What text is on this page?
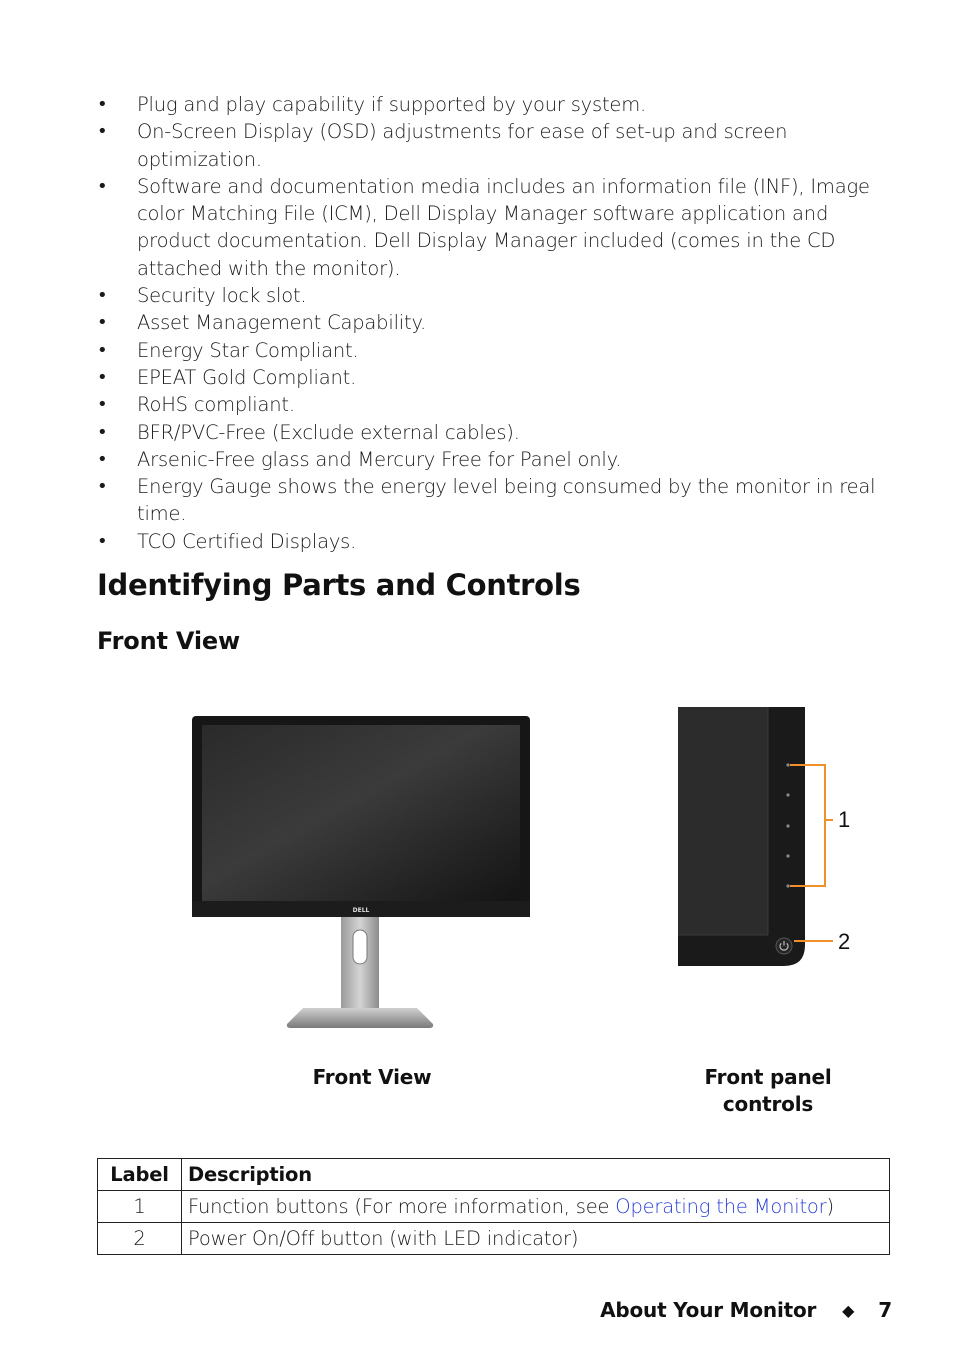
• Plug and play capability if supported by your system.
• On-Screen Display (OSD) adjustments for ease of set-up and screen optimization.
• Software and documentation media includes an information file (INF), Image color Matching File (ICM), Dell Display Manager software application and product documentation. Dell Display Manager included (comes in the CD attached with the monitor).
• Security lock slot.
• Asset Management Capability.
• Energy Star Compliant.
• EPEAT Gold Compliant.
• RoHS compliant.
• BFR/PVC-Free (Exclude external cables).
• Arsenic-Free glass and Mercury Free for Panel only.
• Energy Gauge shows the energy level being consumed by the monitor in real time.
• TCO Certified Displays.
Identifying Parts and Controls
Front View
DELL
1
2
Front View	Front panel
controls
Label	Description
1	Function buttons (For more information, see Operating the Monitor)
2	Power On/Off button (with LED indicator)
About Your Monitor ◆ 7
